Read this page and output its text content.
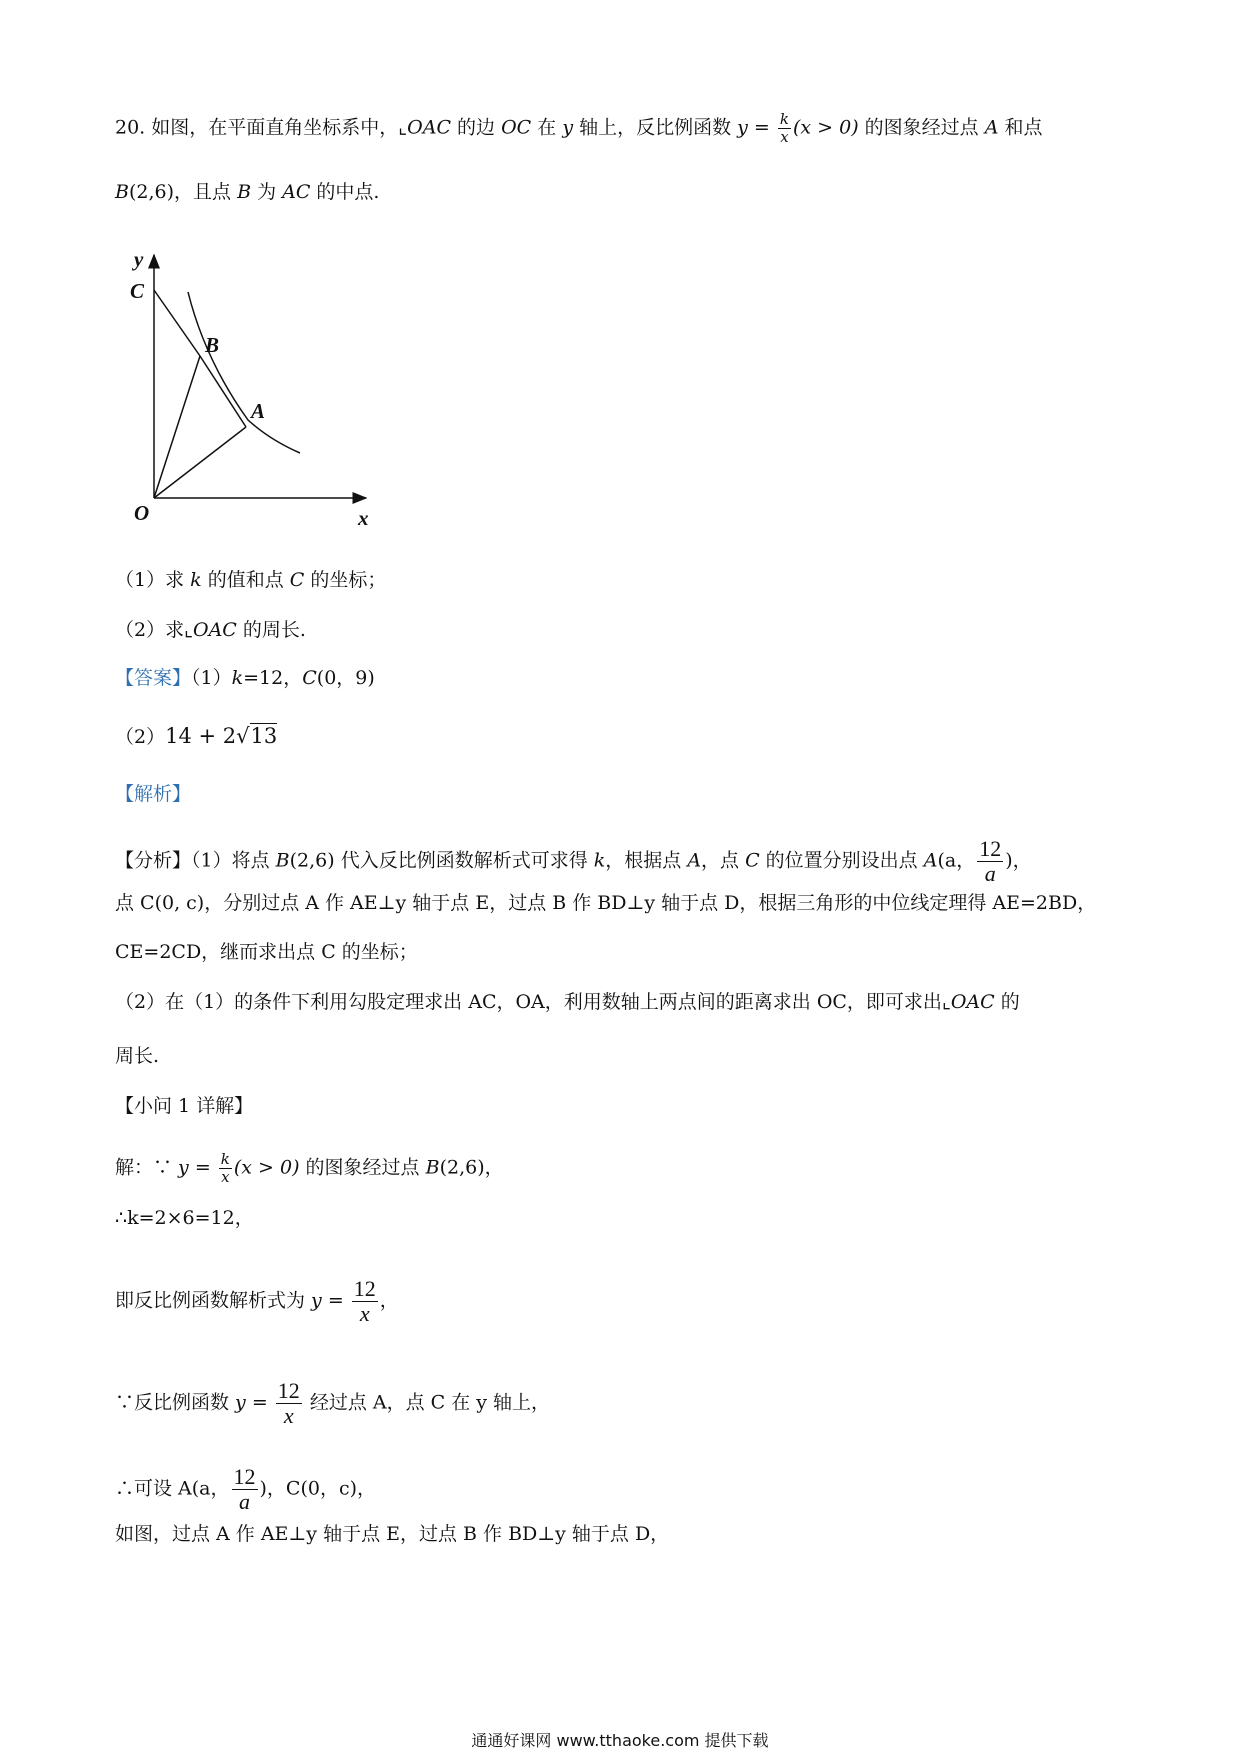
20. 如图，在平面直角坐标系中，⌞OAC 的边 OC 在 y 轴上，反比例函数 $y = \frac{k}{x} (x > 0)$ 的图象经过点 A 和点
B(2,6)，且点 B 为 AC 的中点.
y
C
B
A
O	x
（1）求 k 的值和点 C 的坐标；
（2）求⌞OAC 的周长.
【答案】（1）k=12，C(0，9)
（2）14 + 2√13
【解析】
【分析】（1）将点 B(2,6) 代入反比例函数解析式可求得 k，根据点 A，点 C 的位置分别设出点 A(a， $\frac{12}{a}$ )，
点 C(0, c)，分别过点 A 作 AE⊥y 轴于点 E，过点 B 作 BD⊥y 轴于点 D，根据三角形的中位线定理得 AE=2BD，
CE=2CD，继而求出点 C 的坐标；
（2）在（1）的条件下利用勾股定理求出 AC，OA，利用数轴上两点间的距离求出 OC，即可求出⌞OAC 的
周长.
【小问 1 详解】
解：∵ $y = \frac{k}{x} (x > 0)$ 的图象经过点 B(2,6)，
∴k=2×6=12，
即反比例函数解析式为 $y = \frac{12}{x}$ ，
∵反比例函数 $y = \frac{12}{x}$ 经过点 A，点 C 在 y 轴上，
∴可设 A(a， $\frac{12}{a}$ )，C(0，c)，
如图，过点 A 作 AE⊥y 轴于点 E，过点 B 作 BD⊥y 轴于点 D，
通通好课网 www.tthaoke.com 提供下载
